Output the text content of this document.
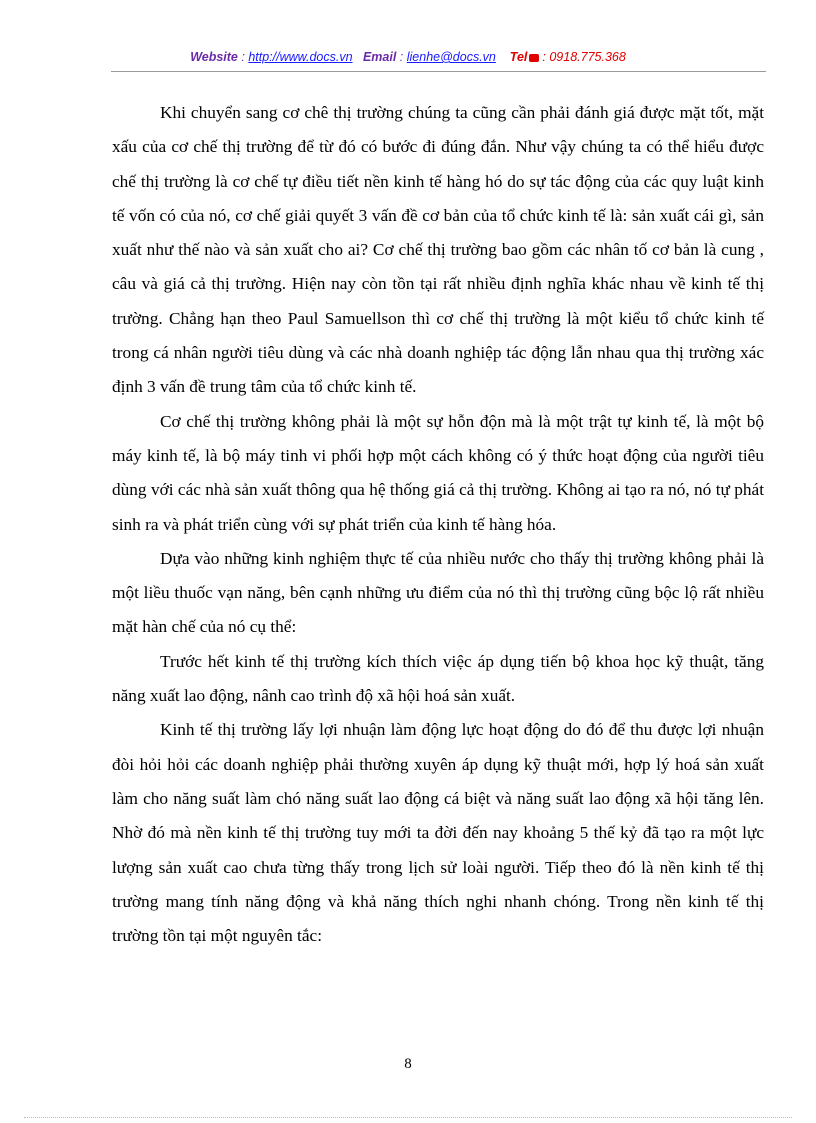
Website : http://www.docs.vn Email : lienhe@docs.vn Tel : 0918.775.368

Khi chuyển sang cơ chê thị trường chúng ta cũng cần phải đánh giá được mặt tốt, mặt xấu của cơ chế thị trường để từ đó có bước đi đúng đắn. Như vậy chúng ta có thể hiểu được chế thị trường là cơ chế tự điều tiết nền kinh tế hàng hó do sự tác động của các quy luật kinh tế vốn có của nó, cơ chế giải quyết 3 vấn đề cơ bản của tổ chức kinh tế là: sản xuất cái gì, sản xuất như thế nào và sản xuất cho ai? Cơ chế thị trường bao gồm các nhân tố cơ bản là cung , câu và giá cả thị trường. Hiện nay còn tồn tại rất nhiều định nghĩa khác nhau về kinh tế thị trường. Chẳng hạn theo Paul Samuellson thì cơ chế thị trường là một kiểu tổ chức kinh tế trong cá nhân người tiêu dùng và các nhà doanh nghiệp tác động lẫn nhau qua thị trường xác định 3 vấn đề trung tâm của tổ chức kinh tế.

Cơ chế thị trường không phải là một sự hỗn độn mà là một trật tự kinh tế, là một bộ máy kinh tế, là bộ máy tinh vi phối hợp một cách không có ý thức hoạt động của người tiêu dùng với các nhà sản xuất thông qua hệ thống giá cả thị trường. Không ai tạo ra nó, nó tự phát sinh ra và phát triển cùng với sự phát triển của kinh tế hàng hóa.

Dựa vào những kinh nghiệm thực tế của nhiều nước cho thấy thị trường không phải là một liều thuốc vạn năng, bên cạnh những ưu điểm của nó thì thị trường cũng bộc lộ rất nhiều mặt hàn chế của nó cụ thể:

Trước hết kinh tế thị trường kích thích việc áp dụng tiến bộ khoa học kỹ thuật, tăng năng xuất lao động, nânh cao trình độ xã hội hoá sản xuất.

Kinh tế thị trường lấy lợi nhuận làm động lực hoạt động do đó để thu được lợi nhuận đòi hỏi hỏi các doanh nghiệp phải thường xuyên áp dụng kỹ thuật mới, hợp lý hoá sản xuất làm cho năng suất làm chó năng suất lao động cá biệt và năng suất lao động xã hội tăng lên. Nhờ đó mà nền kinh tế thị trường tuy mới ta đời đến nay khoảng 5 thế kỷ đã tạo ra một lực lượng sản xuất cao chưa từng thấy trong lịch sử loài người. Tiếp theo đó là nền kinh tế thị trường mang tính năng động và khả năng thích nghi nhanh chóng. Trong nền kinh tế thị trường tồn tại một nguyên tắc:

8
